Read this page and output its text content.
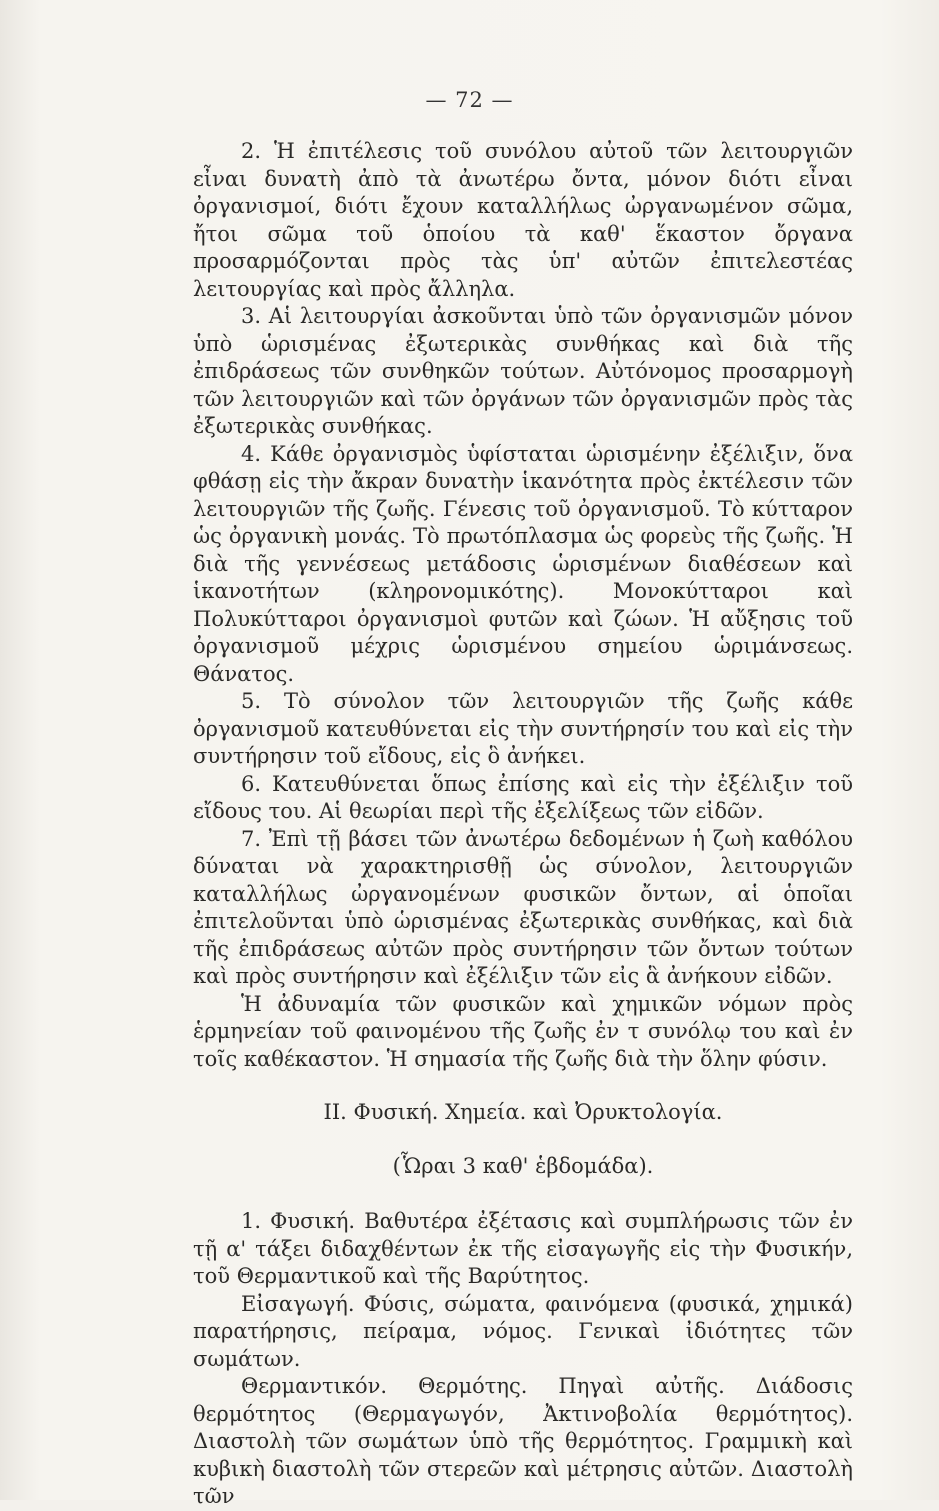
— 72 —

2. Ἡ ἐπιτέλεσις τοῦ συνόλου αὐτοῦ τῶν λειτουργιῶν εἶναι δυνατὴ ἀπὸ τὰ ἀνωτέρω ὄντα, μόνον διότι εἶναι ὀργανισμοί, διότι ἔχουν καταλλήλως ὠργανωμένον σῶμα, ἤτοι σῶμα τοῦ ὁποίου τὰ καθ' ἕκαστον ὄργανα προσαρμόζονται πρὸς τὰς ὑπ' αὐτῶν ἐπιτελεστέας λειτουργίας καὶ πρὸς ἄλληλα.

3. Αἱ λειτουργίαι ἀσκοῦνται ὑπὸ τῶν ὀργανισμῶν μόνον ὑπὸ ὡρισμένας ἐξωτερικὰς συνθήκας καὶ διὰ τῆς ἐπιδράσεως τῶν συνθηκῶν τούτων. Αὐτόνομος προσαρμογὴ τῶν λειτουργιῶν καὶ τῶν ὀργάνων τῶν ὀργανισμῶν πρὸς τὰς ἐξωτερικὰς συνθήκας.

4. Κάθε ὀργανισμὸς ὑφίσταται ὡρισμένην ἐξέλιξιν, ὅνα φθάσῃ εἰς τὴν ἄκραν δυνατὴν ἱκανότητα πρὸς ἐκτέλεσιν τῶν λειτουργιῶν τῆς ζωῆς. Γένεσις τοῦ ὀργανισμοῦ. Τὸ κύτταρον ὡς ὀργανικὴ μονάς. Τὸ πρωτόπλασμα ὡς φορεὺς τῆς ζωῆς. Ἡ διὰ τῆς γεννέσεως μετάδοσις ὡρισμένων διαθέσεων καὶ ἱκανοτήτων (κληρονομικότης). Μονοκύτταροι καὶ Πολυκύτταροι ὀργανισμοὶ φυτῶν καὶ ζώων. Ἡ αὔξησις τοῦ ὀργανισμοῦ μέχρις ὡρισμένου σημείου ὡριμάνσεως. Θάνατος.

5. Τὸ σύνολον τῶν λειτουργιῶν τῆς ζωῆς κάθε ὀργανισμοῦ κατευθύνεται εἰς τὴν συντήρησίν του καὶ εἰς τὴν συντήρησιν τοῦ εἴδους, εἰς ὃ ἀνήκει.

6. Κατευθύνεται ὅπως ἐπίσης καὶ εἰς τὴν ἐξέλιξιν τοῦ εἴδους του. Αἱ θεωρίαι περὶ τῆς ἐξελίξεως τῶν εἰδῶν.

7. Ἐπὶ τῇ βάσει τῶν ἀνωτέρω δεδομένων ἡ ζωὴ καθόλου δύναται νὰ χαρακτηρισθῇ ὡς σύνολον, λειτουργιῶν καταλλήλως ὠργανομένων φυσικῶν ὄντων, αἱ ὁποῖαι ἐπιτελοῦνται ὑπὸ ὡρισμένας ἐξωτερικὰς συνθήκας, καὶ διὰ τῆς ἐπιδράσεως αὐτῶν πρὸς συντήρησιν τῶν ὄντων τούτων καὶ πρὸς συντήρησιν καὶ ἐξέλιξιν τῶν εἰς ἃ ἀνήκουν εἰδῶν.

Ἡ ἀδυναμία τῶν φυσικῶν καὶ χημικῶν νόμων πρὸς ἑρμηνείαν τοῦ φαινομένου τῆς ζωῆς ἐν τ συνόλῳ του καὶ ἐν τοῖς καθέκαστον. Ἡ σημασία τῆς ζωῆς διὰ τὴν ὅλην φύσιν.

ΙΙ. Φυσική. Χημεία. καὶ Ὀρυκτολογία.

(Ὧραι 3 καθ' ἑβδομάδα).

1. Φυσική. Βαθυτέρα ἐξέτασις καὶ συμπλήρωσις τῶν ἐν τῇ α' τάξει διδαχθέντων ἐκ τῆς εἰσαγωγῆς εἰς τὴν Φυσικήν, τοῦ Θερμαντικοῦ καὶ τῆς Βαρύτητος.

Εἰσαγωγή. Φύσις, σώματα, φαινόμενα (φυσικά, χημικά) παρατήρησις, πείραμα, νόμος. Γενικαὶ ἰδιότητες τῶν σωμάτων.

Θερμαντικόν. Θερμότης. Πηγαὶ αὐτῆς. Διάδοσις θερμότητος (Θερμαγωγόν, Ἀκτινοβολία θερμότητος). Διαστολὴ τῶν σωμάτων ὑπὸ τῆς θερμότητος. Γραμμικὴ καὶ κυβικὴ διαστολὴ τῶν στερεῶν καὶ μέτρησις αὐτῶν. Διαστολὴ τῶν
